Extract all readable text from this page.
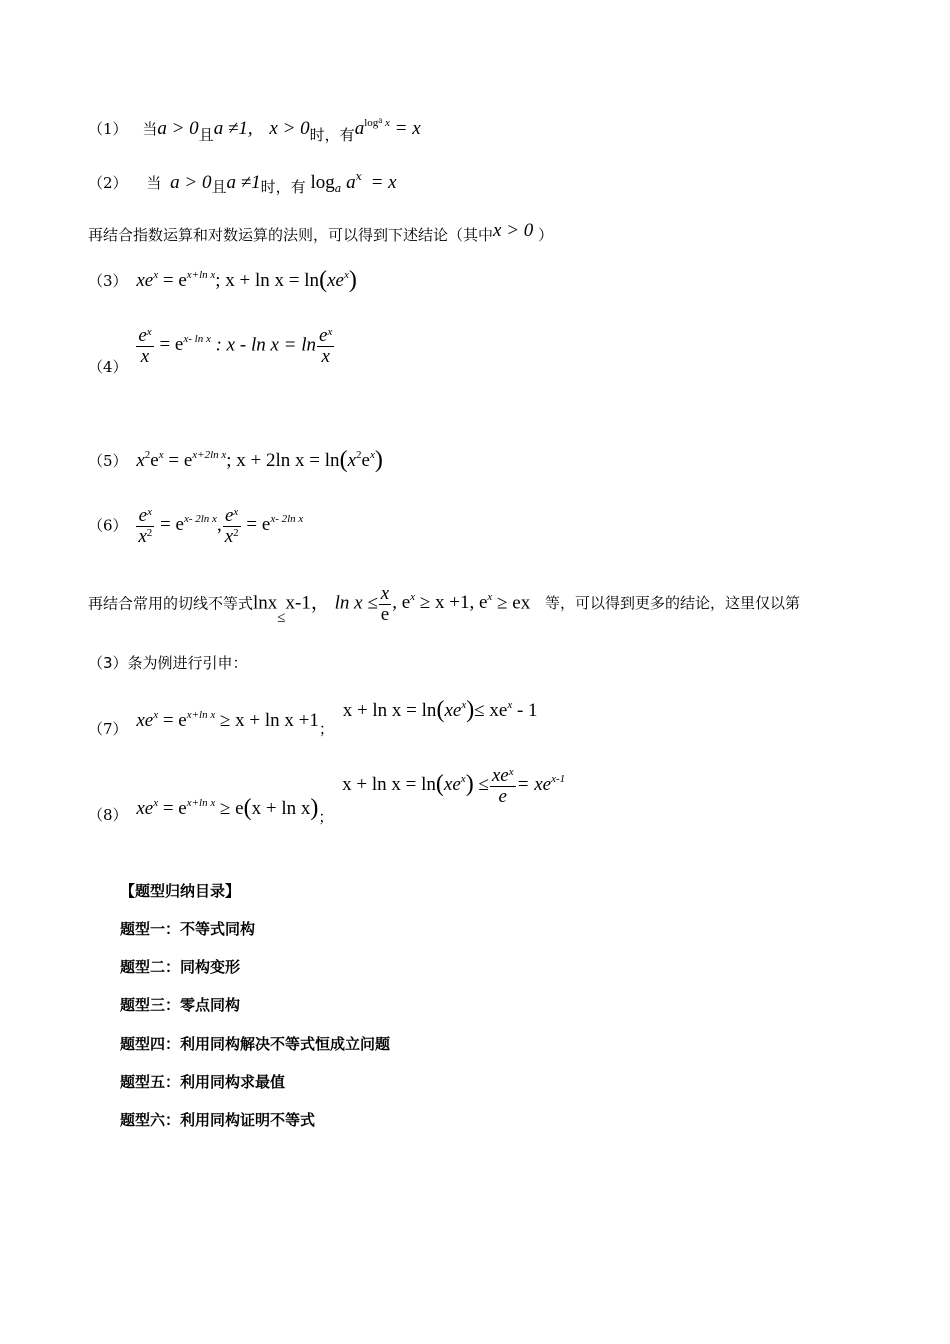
（1） 当a > 0且a ≠1, x > 0时，有$a^{log^a x} = x$
（2） 当 a > 0且a ≠1时，有 $\log_a a^x = x$
再结合指数运算和对数运算的法则，可以得到下述结论（其中x > 0 ）
（3） $xe^x = e^{x+ln x}$; $x + \ln x = \ln(xe^x)$
（4）
$\frac{e^x}{x} = e^{x- ln x}$ : $x - \ln x = \ln \frac{e^x}{x}$
（5） $x^2e^x = e^{x+2ln x}$; x + 2ln $x = \ln(x^2e^x)$
$(6) \frac{e^x}{x^2} = e^{x- 2ln x}$, $\frac{e^x}{x^2} = e^{x- 2ln x}$
再结合常用的切线不等式lnx≤x-1， $\ln x \le \frac{x}{e}$ , $e^x \ge x +1$, $e^x$ ≥ ex 等，可以得到更多的结论，这里仅以第
（3）条为例进行引申：
（7） $xe^x = e^{x+ln x} \ge x + \ln x +1$； $x + \ln x = \ln(xe^x)\le xe^x - 1$
（8） $xe^x = e^{x+ln x} \ge e(x + \ln x)$； $x + \ln x = \ln(xe^x) \le \frac{xe^x}{e} = xe^{x-1}$
【题型归纳目录】
题型一：不等式同构
题型二：同构变形
题型三：零点同构
题型四：利用同构解决不等式恒成立问题
题型五：利用同构求最值
题型六：利用同构证明不等式
